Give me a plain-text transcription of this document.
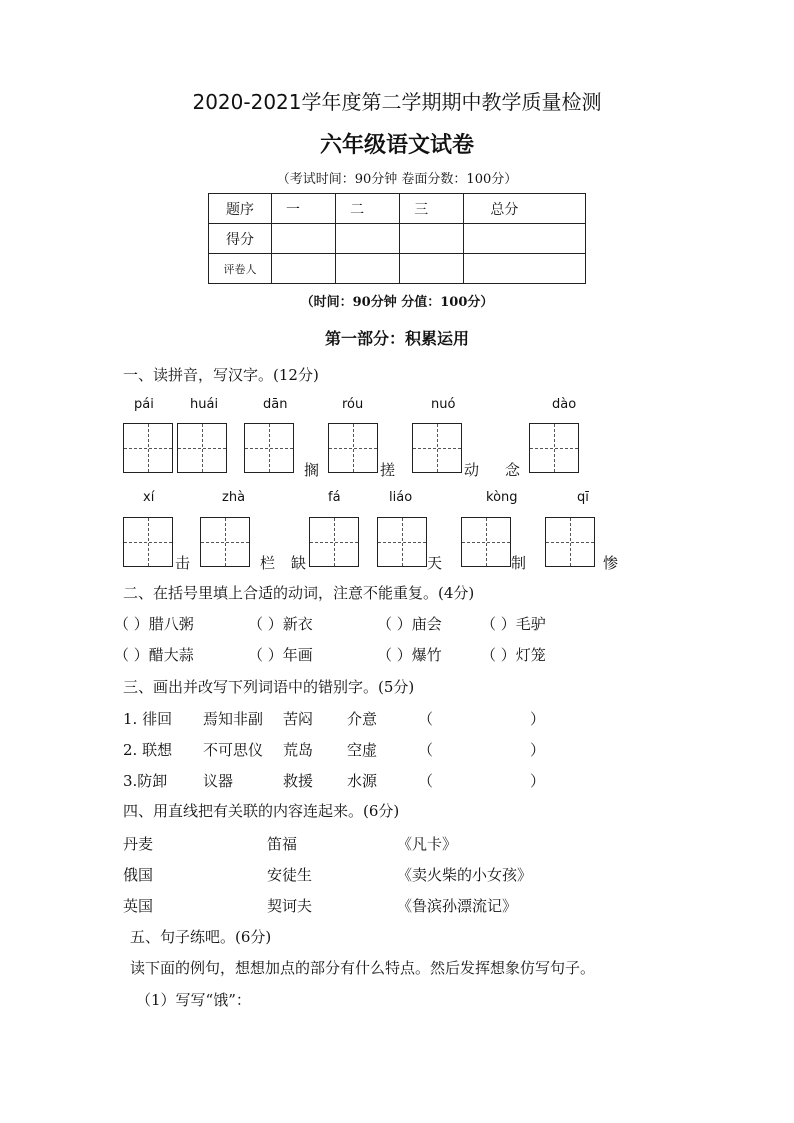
2020-2021学年度第二学期期中教学质量检测
六年级语文试卷
（考试时间：90分钟 卷面分数：100分）
题序	一	二	三	总分
得分				
评卷人				
（时间：90分钟 分值：100分）
第一部分：积累运用
一、读拼音，写汉字。(12分)
pái	huái	dān	róu	nuó	dào
搁	搓	动 念
xí	zhà	fá	liáo	kòng	qī
击	栏 缺	天	制	惨
二、在括号里填上合适的动词，注意不能重复。(4分)
（ ）腊八粥	（ ）新衣	（ ）庙会	（ ）毛驴
（ ）醋大蒜	（ ）年画	（ ）爆竹	（ ）灯笼
三、画出并改写下列词语中的错别字。(5分)
1. 徘回 焉知非副 苦闷 介意	（	）
2. 联想 不可思仪 荒岛 空虚	（	）
3.防卸 议器	救援 水源	（	）
四、用直线把有关联的内容连起来。(6分)
丹麦	笛福	《凡卡》
俄国	安徒生	《卖火柴的小女孩》
英国	契诃夫	《鲁滨孙漂流记》
五、句子练吧。(6分)
读下面的例句，想想加点的部分有什么特点。然后发挥想象仿写句子。
（1）写写“饿”：
